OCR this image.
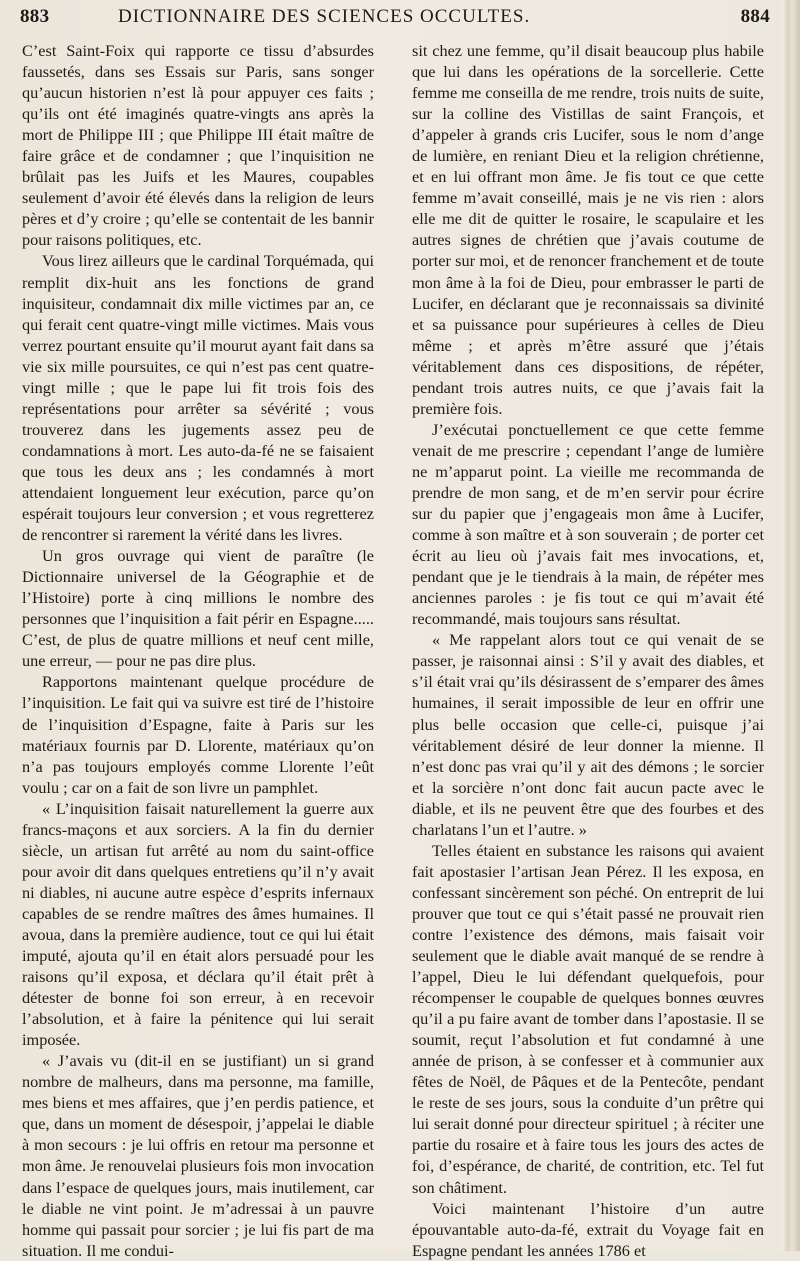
883	DICTIONNAIRE DES SCIENCES OCCULTES.	884

C’est Saint-Foix qui rapporte ce tissu d’absurdes faussetés, dans ses Essais sur Paris, sans songer qu’aucun historien n’est là pour appuyer ces faits ; qu’ils ont été imaginés quatre-vingts ans après la mort de Philippe III ; que Philippe III était maître de faire grâce et de condamner ; que l’inquisition ne brûlait pas les Juifs et les Maures, coupables seulement d’avoir été élevés dans la religion de leurs pères et d’y croire ; qu’elle se contentait de les bannir pour raisons politiques, etc.

Vous lirez ailleurs que le cardinal Torquémada, qui remplit dix-huit ans les fonctions de grand inquisiteur, condamnait dix mille victimes par an, ce qui ferait cent quatre-vingt mille victimes. Mais vous verrez pourtant ensuite qu’il mourut ayant fait dans sa vie six mille poursuites, ce qui n’est pas cent quatre-vingt mille ; que le pape lui fit trois fois des représentations pour arrêter sa sévérité ; vous trouverez dans les jugements assez peu de condamnations à mort. Les auto-da-fé ne se faisaient que tous les deux ans ; les condamnés à mort attendaient longuement leur exécution, parce qu’on espérait toujours leur conversion ; et vous regretterez de rencontrer si rarement la vérité dans les livres.

Un gros ouvrage qui vient de paraître (le Dictionnaire universel de la Géographie et de l’Histoire) porte à cinq millions le nombre des personnes que l’inquisition a fait périr en Espagne..... C’est, de plus de quatre millions et neuf cent mille, une erreur, — pour ne pas dire plus.

Rapportons maintenant quelque procédure de l’inquisition. Le fait qui va suivre est tiré de l’histoire de l’inquisition d’Espagne, faite à Paris sur les matériaux fournis par D. Llorente, matériaux qu’on n’a pas toujours employés comme Llorente l’eût voulu ; car on a fait de son livre un pamphlet.

« L’inquisition faisait naturellement la guerre aux francs-maçons et aux sorciers. A la fin du dernier siècle, un artisan fut arrêté au nom du saint-office pour avoir dit dans quelques entretiens qu’il n’y avait ni diables, ni aucune autre espèce d’esprits infernaux capables de se rendre maîtres des âmes humaines. Il avoua, dans la première audience, tout ce qui lui était imputé, ajouta qu’il en était alors persuadé pour les raisons qu’il exposa, et déclara qu’il était prêt à détester de bonne foi son erreur, à en recevoir l’absolution, et à faire la pénitence qui lui serait imposée.

« J’avais vu (dit-il en se justifiant) un si grand nombre de malheurs, dans ma personne, ma famille, mes biens et mes affaires, que j’en perdis patience, et que, dans un moment de désespoir, j’appelai le diable à mon secours : je lui offris en retour ma personne et mon âme. Je renouvelai plusieurs fois mon invocation dans l’espace de quelques jours, mais inutilement, car le diable ne vint point. Je m’adressai à un pauvre homme qui passait pour sorcier ; je lui fis part de ma situation. Il me condui-

sit chez une femme, qu’il disait beaucoup plus habile que lui dans les opérations de la sorcellerie. Cette femme me conseilla de me rendre, trois nuits de suite, sur la colline des Vistillas de saint François, et d’appeler à grands cris Lucifer, sous le nom d’ange de lumière, en reniant Dieu et la religion chrétienne, et en lui offrant mon âme. Je fis tout ce que cette femme m’avait conseillé, mais je ne vis rien : alors elle me dit de quitter le rosaire, le scapulaire et les autres signes de chrétien que j’avais coutume de porter sur moi, et de renoncer franchement et de toute mon âme à la foi de Dieu, pour embrasser le parti de Lucifer, en déclarant que je reconnaissais sa divinité et sa puissance pour supérieures à celles de Dieu même ; et après m’être assuré que j’étais véritablement dans ces dispositions, de répéter, pendant trois autres nuits, ce que j’avais fait la première fois.

J’exécutai ponctuellement ce que cette femme venait de me prescrire ; cependant l’ange de lumière ne m’apparut point. La vieille me recommanda de prendre de mon sang, et de m’en servir pour écrire sur du papier que j’engageais mon âme à Lucifer, comme à son maître et à son souverain ; de porter cet écrit au lieu où j’avais fait mes invocations, et, pendant que je le tiendrais à la main, de répéter mes anciennes paroles : je fis tout ce qui m’avait été recommandé, mais toujours sans résultat.

« Me rappelant alors tout ce qui venait de se passer, je raisonnai ainsi : S’il y avait des diables, et s’il était vrai qu’ils désirassent de s’emparer des âmes humaines, il serait impossible de leur en offrir une plus belle occasion que celle-ci, puisque j’ai véritablement désiré de leur donner la mienne. Il n’est donc pas vrai qu’il y ait des démons ; le sorcier et la sorcière n’ont donc fait aucun pacte avec le diable, et ils ne peuvent être que des fourbes et des charlatans l’un et l’autre. »

Telles étaient en substance les raisons qui avaient fait apostasier l’artisan Jean Pérez. Il les exposa, en confessant sincèrement son péché. On entreprit de lui prouver que tout ce qui s’était passé ne prouvait rien contre l’existence des démons, mais faisait voir seulement que le diable avait manqué de se rendre à l’appel, Dieu le lui défendant quelquefois, pour récompenser le coupable de quelques bonnes œuvres qu’il a pu faire avant de tomber dans l’apostasie. Il se soumit, reçut l’absolution et fut condamné à une année de prison, à se confesser et à communier aux fêtes de Noël, de Pâques et de la Pentecôte, pendant le reste de ses jours, sous la conduite d’un prêtre qui lui serait donné pour directeur spirituel ; à réciter une partie du rosaire et à faire tous les jours des actes de foi, d’espérance, de charité, de contrition, etc. Tel fut son châtiment.

Voici maintenant l’histoire d’un autre épouvantable auto-da-fé, extrait du Voyage fait en Espagne pendant les années 1786 et
